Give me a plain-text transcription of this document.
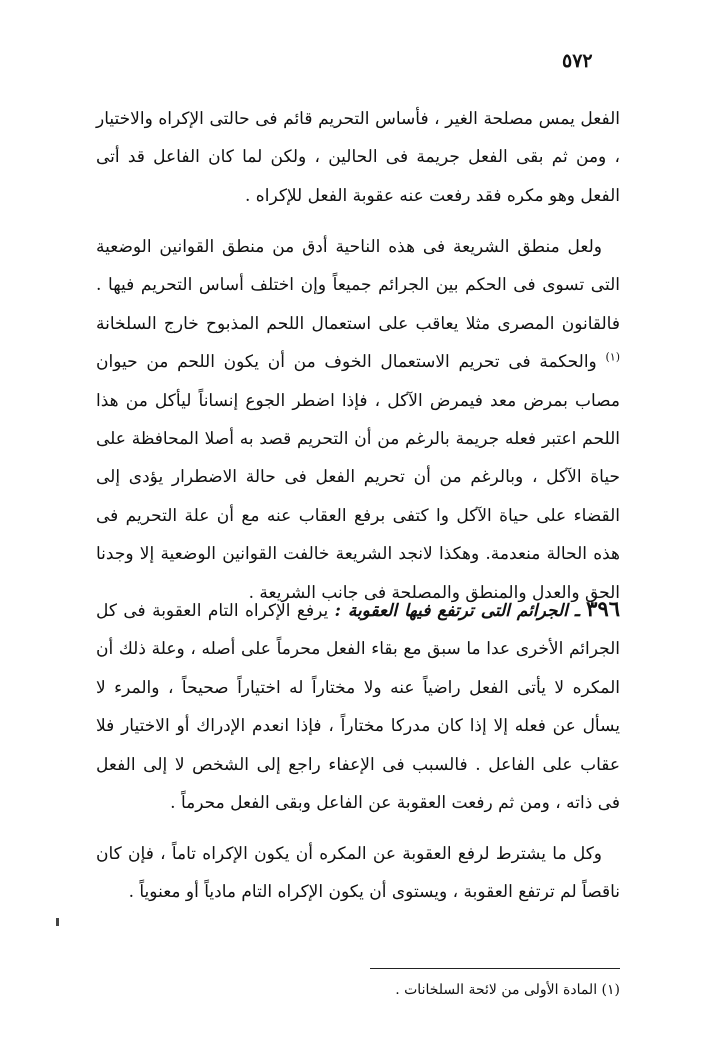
٥٧٢

الفعل يمس مصلحة الغير ، فأساس التحريم قائم فى حالتى الإكراه والاختيار ، ومن ثم بقى الفعل جريمة فى الحالين ، ولكن لما كان الفاعل قد أتى الفعل وهو مكره فقد رفعت عنه عقوبة الفعل للإكراه .

ولعل منطق الشريعة فى هذه الناحية أدق من منطق القوانين الوضعية التى تسوى فى الحكم بين الجرائم جميعاً وإن اختلف أساس التحريم فيها . فالقانون المصرى مثلا يعاقب على استعمال اللحم المذبوح خارج السلخانة $^{(١)}$ والحكمة فى تحريم الاستعمال الخوف من أن يكون اللحم من حيوان مصاب بمرض معد فيمرض الآكل ، فإذا اضطر الجوع إنساناً ليأكل من هذا اللحم اعتبر فعله جريمة بالرغم من أن التحريم قصد به أصلا المحافظة على حياة الآكل ، وبالرغم من أن تحريم الفعل فى حالة الاضطرار يؤدى إلى القضاء على حياة الآكل وا كتفى برفع العقاب عنه مع أن علة التحريم فى هذه الحالة منعدمة. وهكذا لانجد الشريعة خالفت القوانين الوضعية إلا وجدنا الحق والعدل والمنطق والمصلحة فى جانب الشريعة .

٣٩٦ ـ الجرائم التى ترتفع فيها العقوبة : يرفع الإكراه التام العقوبة فى كل الجرائم الأخرى عدا ما سبق مع بقاء الفعل محرماً على أصله ، وعلة ذلك أن المكره لا يأتى الفعل راضياً عنه ولا مختاراً له اختياراً صحيحاً ، والمرء لا يسأل عن فعله إلا إذا كان مدركا مختاراً ، فإذا انعدم الإدراك أو الاختيار فلا عقاب على الفاعل . فالسبب فى الإعفاء راجع إلى الشخص لا إلى الفعل فى ذاته ، ومن ثم رفعت العقوبة عن الفاعل وبقى الفعل محرماً .

وكل ما يشترط لرفع العقوبة عن المكره أن يكون الإكراه تاماً ، فإن كان ناقصاً لم ترتفع العقوبة ، ويستوى أن يكون الإكراه التام مادياً أو معنوياً .

(١) المادة الأولى من لائحة السلخانات .
